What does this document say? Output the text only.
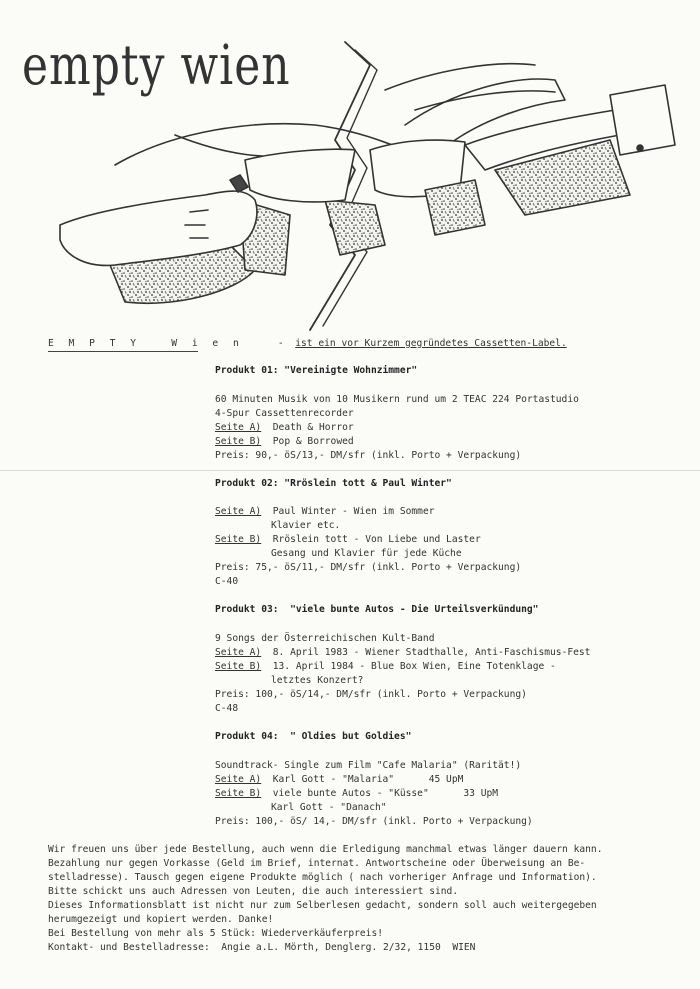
empty wien
E M P T Y   W i e n	- ist ein vor Kurzem gegründetes Cassetten-Label.
Produkt 01: "Vereinigte Wohnzimmer"
60 Minuten Musik von 10 Musikern rund um 2 TEAC 224 Portastudio
4-Spur Cassettenrecorder
Seite A) Death & Horror
Seite B) Pop & Borrowed
Preis: 90,- öS/13,- DM/sfr (inkl. Porto + Verpackung)
Produkt 02: "Rröslein tott & Paul Winter"
Seite A) Paul Winter - Wien im Sommer
Klavier etc.
Seite B) Rröslein tott - Von Liebe und Laster
Gesang und Klavier für jede Küche
Preis: 75,- öS/11,- DM/sfr (inkl. Porto + Verpackung)
C-40
Produkt 03:  "viele bunte Autos - Die Urteilsverkündung"
9 Songs der Österreichischen Kult-Band
Seite A) 8. April 1983 - Wiener Stadthalle, Anti-Faschismus-Fest
Seite B) 13. April 1984 - Blue Box Wien, Eine Totenklage -
letztes Konzert?
Preis: 100,- öS/14,- DM/sfr (inkl. Porto + Verpackung)
C-48
Produkt 04:  " Oldies but Goldies"
Soundtrack- Single zum Film "Cafe Malaria" (Rarität!)
Seite A) Karl Gott - "Malaria"      45 UpM
Seite B) viele bunte Autos - "Küsse"      33 UpM
Karl Gott - "Danach"
Preis: 100,- öS/ 14,- DM/sfr (inkl. Porto + Verpackung)
Wir freuen uns über jede Bestellung, auch wenn die Erledigung manchmal etwas länger dauern kann.
Bezahlung nur gegen Vorkasse (Geld im Brief, internat. Antwortscheine oder Überweisung an Be-
stelladresse). Tausch gegen eigene Produkte möglich ( nach vorheriger Anfrage und Information).
Bitte schickt uns auch Adressen von Leuten, die auch interessiert sind.
Dieses Informationsblatt ist nicht nur zum Selberlesen gedacht, sondern soll auch weitergegeben
herumgezeigt und kopiert werden. Danke!
Bei Bestellung von mehr als 5 Stück: Wiederverkäuferpreis!
Kontakt- und Bestelladresse:  Angie a.L. Mörth, Denglerg. 2/32, 1150  WIEN
